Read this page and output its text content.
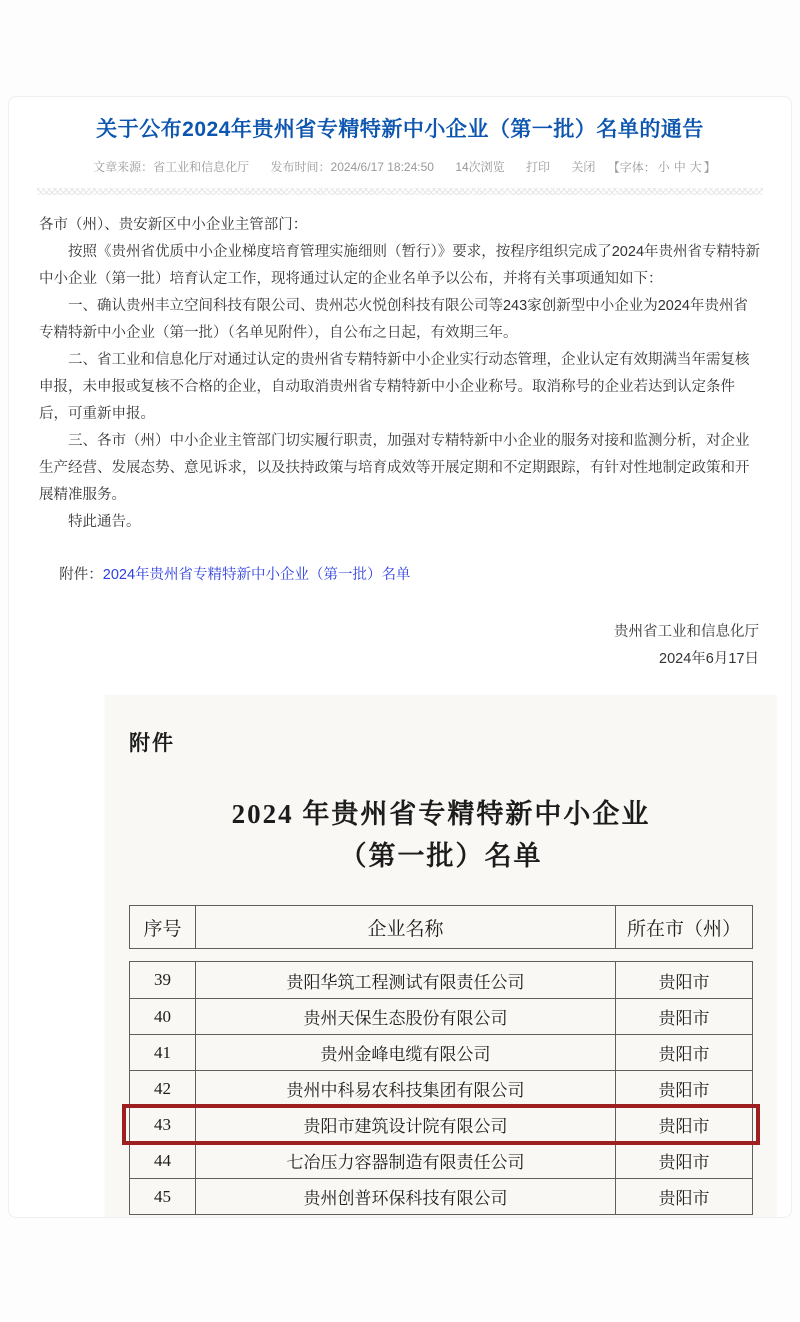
关于公布2024年贵州省专精特新中小企业（第一批）名单的通告
文章来源：省工业和信息化厅 发布时间：2024/6/17 18:24:50 14次浏览 打印 关闭 【字体： 小 中 大 】

各市（州）、贵安新区中小企业主管部门：

按照《贵州省优质中小企业梯度培育管理实施细则（暂行）》要求，按程序组织完成了2024年贵州省专精特新中小企业（第一批）培育认定工作，现将通过认定的企业名单予以公布，并将有关事项通知如下：

一、确认贵州丰立空间科技有限公司、贵州芯火悦创科技有限公司等243家创新型中小企业为2024年贵州省专精特新中小企业（第一批）（名单见附件），自公布之日起，有效期三年。

二、省工业和信息化厅对通过认定的贵州省专精特新中小企业实行动态管理，企业认定有效期满当年需复核申报，未申报或复核不合格的企业，自动取消贵州省专精特新中小企业称号。取消称号的企业若达到认定条件后，可重新申报。

三、各市（州）中小企业主管部门切实履行职责，加强对专精特新中小企业的服务对接和监测分析，对企业生产经营、发展态势、意见诉求，以及扶持政策与培育成效等开展定期和不定期跟踪，有针对性地制定政策和开展精准服务。

特此通告。

附件：2024年贵州省专精特新中小企业（第一批）名单
贵州省工业和信息化厅
2024年6月17日
附件
2024 年贵州省专精特新中小企业
（第一批）名单
序号	企业名称	所在市（州）
39	贵阳华筑工程测试有限责任公司	贵阳市
40	贵州天保生态股份有限公司	贵阳市
41	贵州金峰电缆有限公司	贵阳市
42	贵州中科易农科技集团有限公司	贵阳市
43	贵阳市建筑设计院有限公司	贵阳市
44	七冶压力容器制造有限责任公司	贵阳市
45	贵州创普环保科技有限公司	贵阳市
